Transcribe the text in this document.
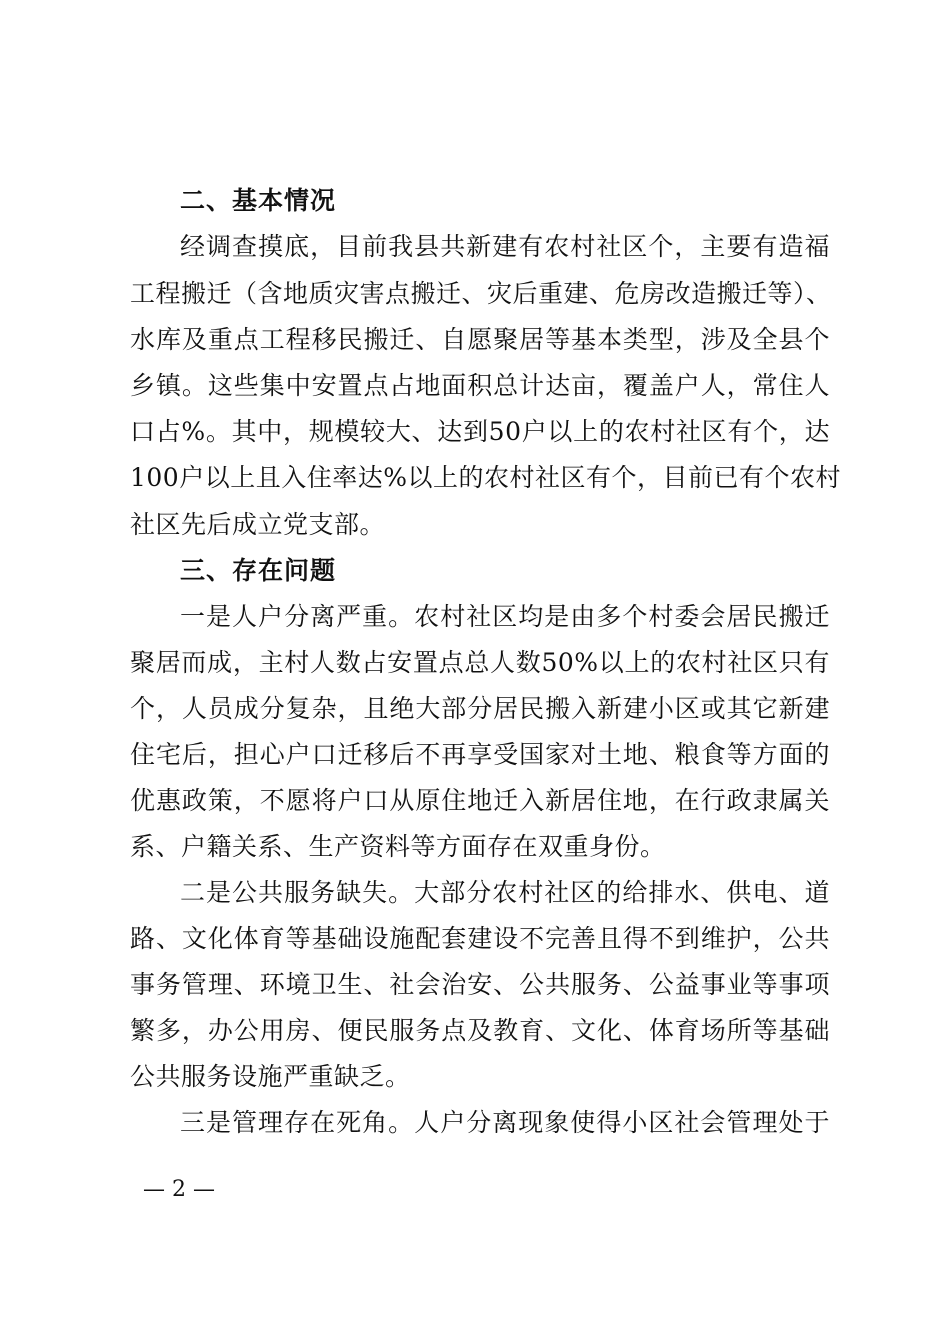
二、基本情况
经调查摸底，目前我县共新建有农村社区个，主要有造福
工程搬迁（含地质灾害点搬迁、灾后重建、危房改造搬迁等）、
水库及重点工程移民搬迁、自愿聚居等基本类型，涉及全县个
乡镇。这些集中安置点占地面积总计达亩，覆盖户人，常住人
口占%。其中，规模较大、达到50户以上的农村社区有个，达
100户以上且入住率达%以上的农村社区有个，目前已有个农村
社区先后成立党支部。
三、存在问题
一是人户分离严重。农村社区均是由多个村委会居民搬迁
聚居而成，主村人数占安置点总人数50%以上的农村社区只有
个，人员成分复杂，且绝大部分居民搬入新建小区或其它新建
住宅后，担心户口迁移后不再享受国家对土地、粮食等方面的
优惠政策，不愿将户口从原住地迁入新居住地，在行政隶属关
系、户籍关系、生产资料等方面存在双重身份。
二是公共服务缺失。大部分农村社区的给排水、供电、道
路、文化体育等基础设施配套建设不完善且得不到维护，公共
事务管理、环境卫生、社会治安、公共服务、公益事业等事项
繁多，办公用房、便民服务点及教育、文化、体育场所等基础
公共服务设施严重缺乏。
三是管理存在死角。人户分离现象使得小区社会管理处于
— 2 —
